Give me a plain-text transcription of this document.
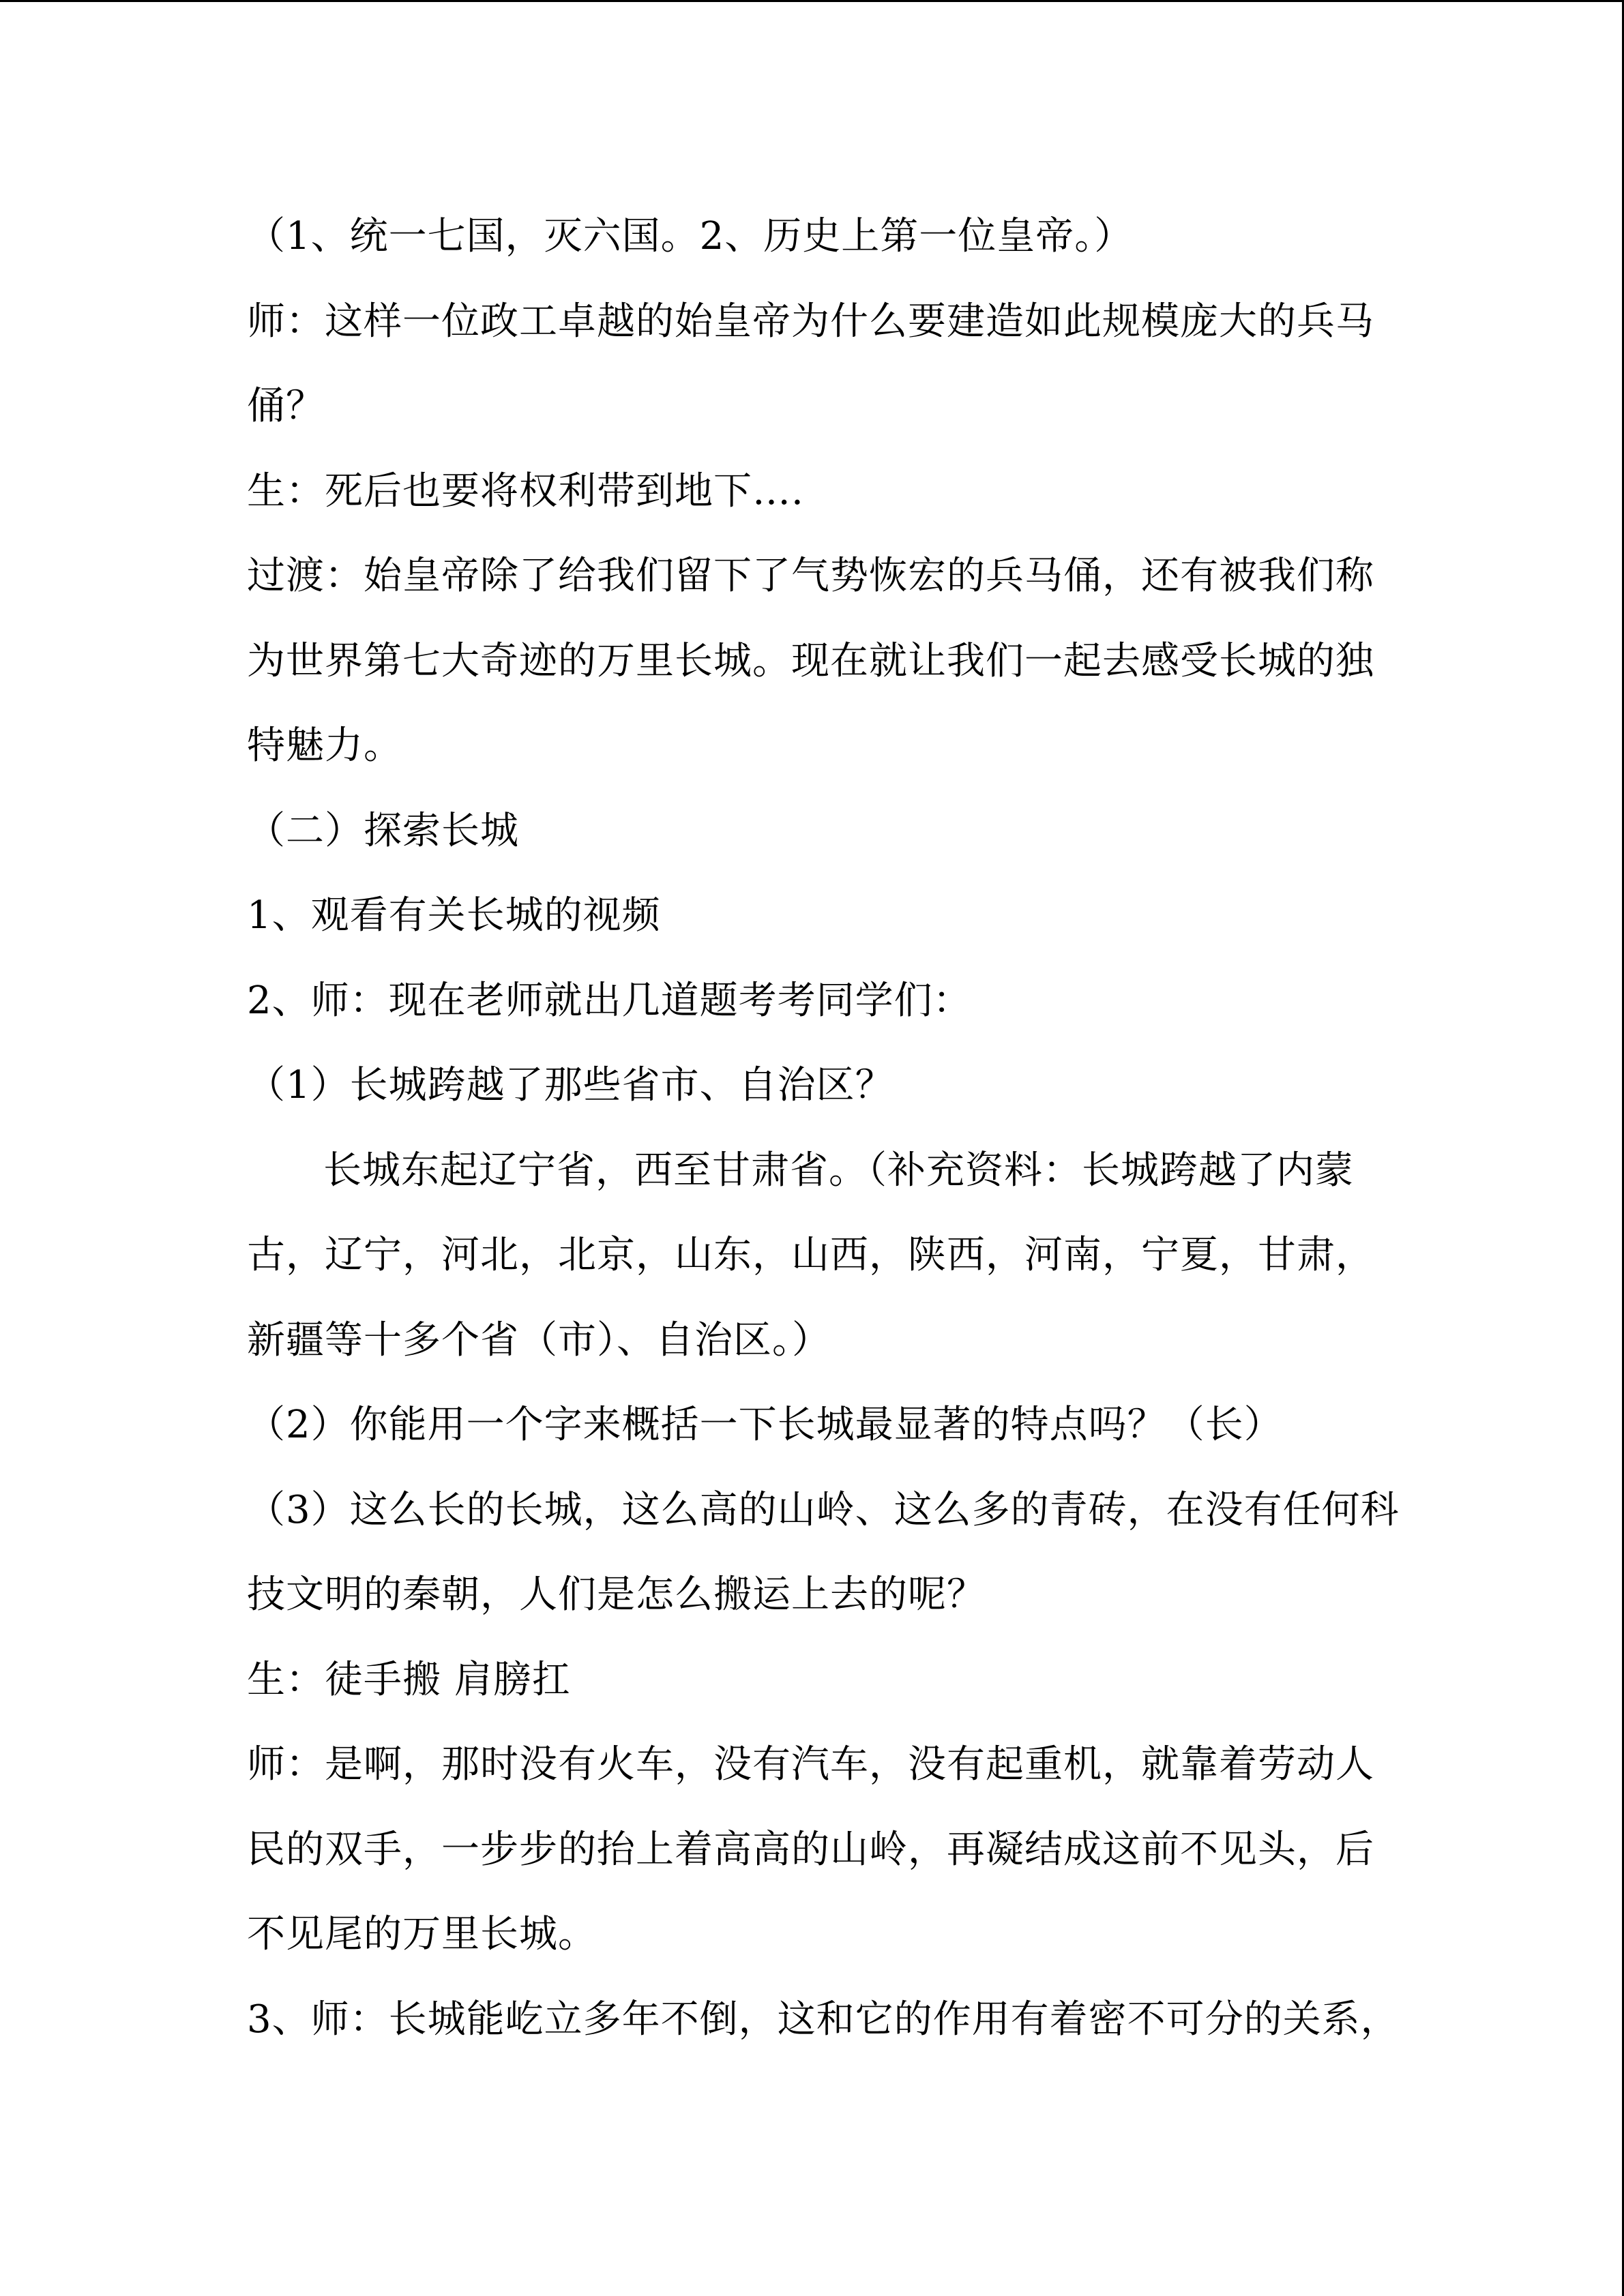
（1、统一七国，灭六国。2、历史上第一位皇帝。）
师：这样一位政工卓越的始皇帝为什么要建造如此规模庞大的兵马
俑？
生：死后也要将权利带到地下….
过渡：始皇帝除了给我们留下了气势恢宏的兵马俑，还有被我们称
为世界第七大奇迹的万里长城。现在就让我们一起去感受长城的独
特魅力。
（二）探索长城
1、观看有关长城的视频
2、师：现在老师就出几道题考考同学们：
（1）长城跨越了那些省市、自治区？
长城东起辽宁省，西至甘肃省。（补充资料：长城跨越了内蒙
古，辽宁，河北，北京，山东，山西，陕西，河南，宁夏，甘肃，
新疆等十多个省（市）、自治区。）
（2）你能用一个字来概括一下长城最显著的特点吗？（长）
（3）这么长的长城，这么高的山岭、这么多的青砖，在没有任何科
技文明的秦朝，人们是怎么搬运上去的呢？
生：徒手搬 肩膀扛
师：是啊，那时没有火车，没有汽车，没有起重机，就靠着劳动人
民的双手，一步步的抬上着高高的山岭，再凝结成这前不见头，后
不见尾的万里长城。
3、师：长城能屹立多年不倒，这和它的作用有着密不可分的关系，
